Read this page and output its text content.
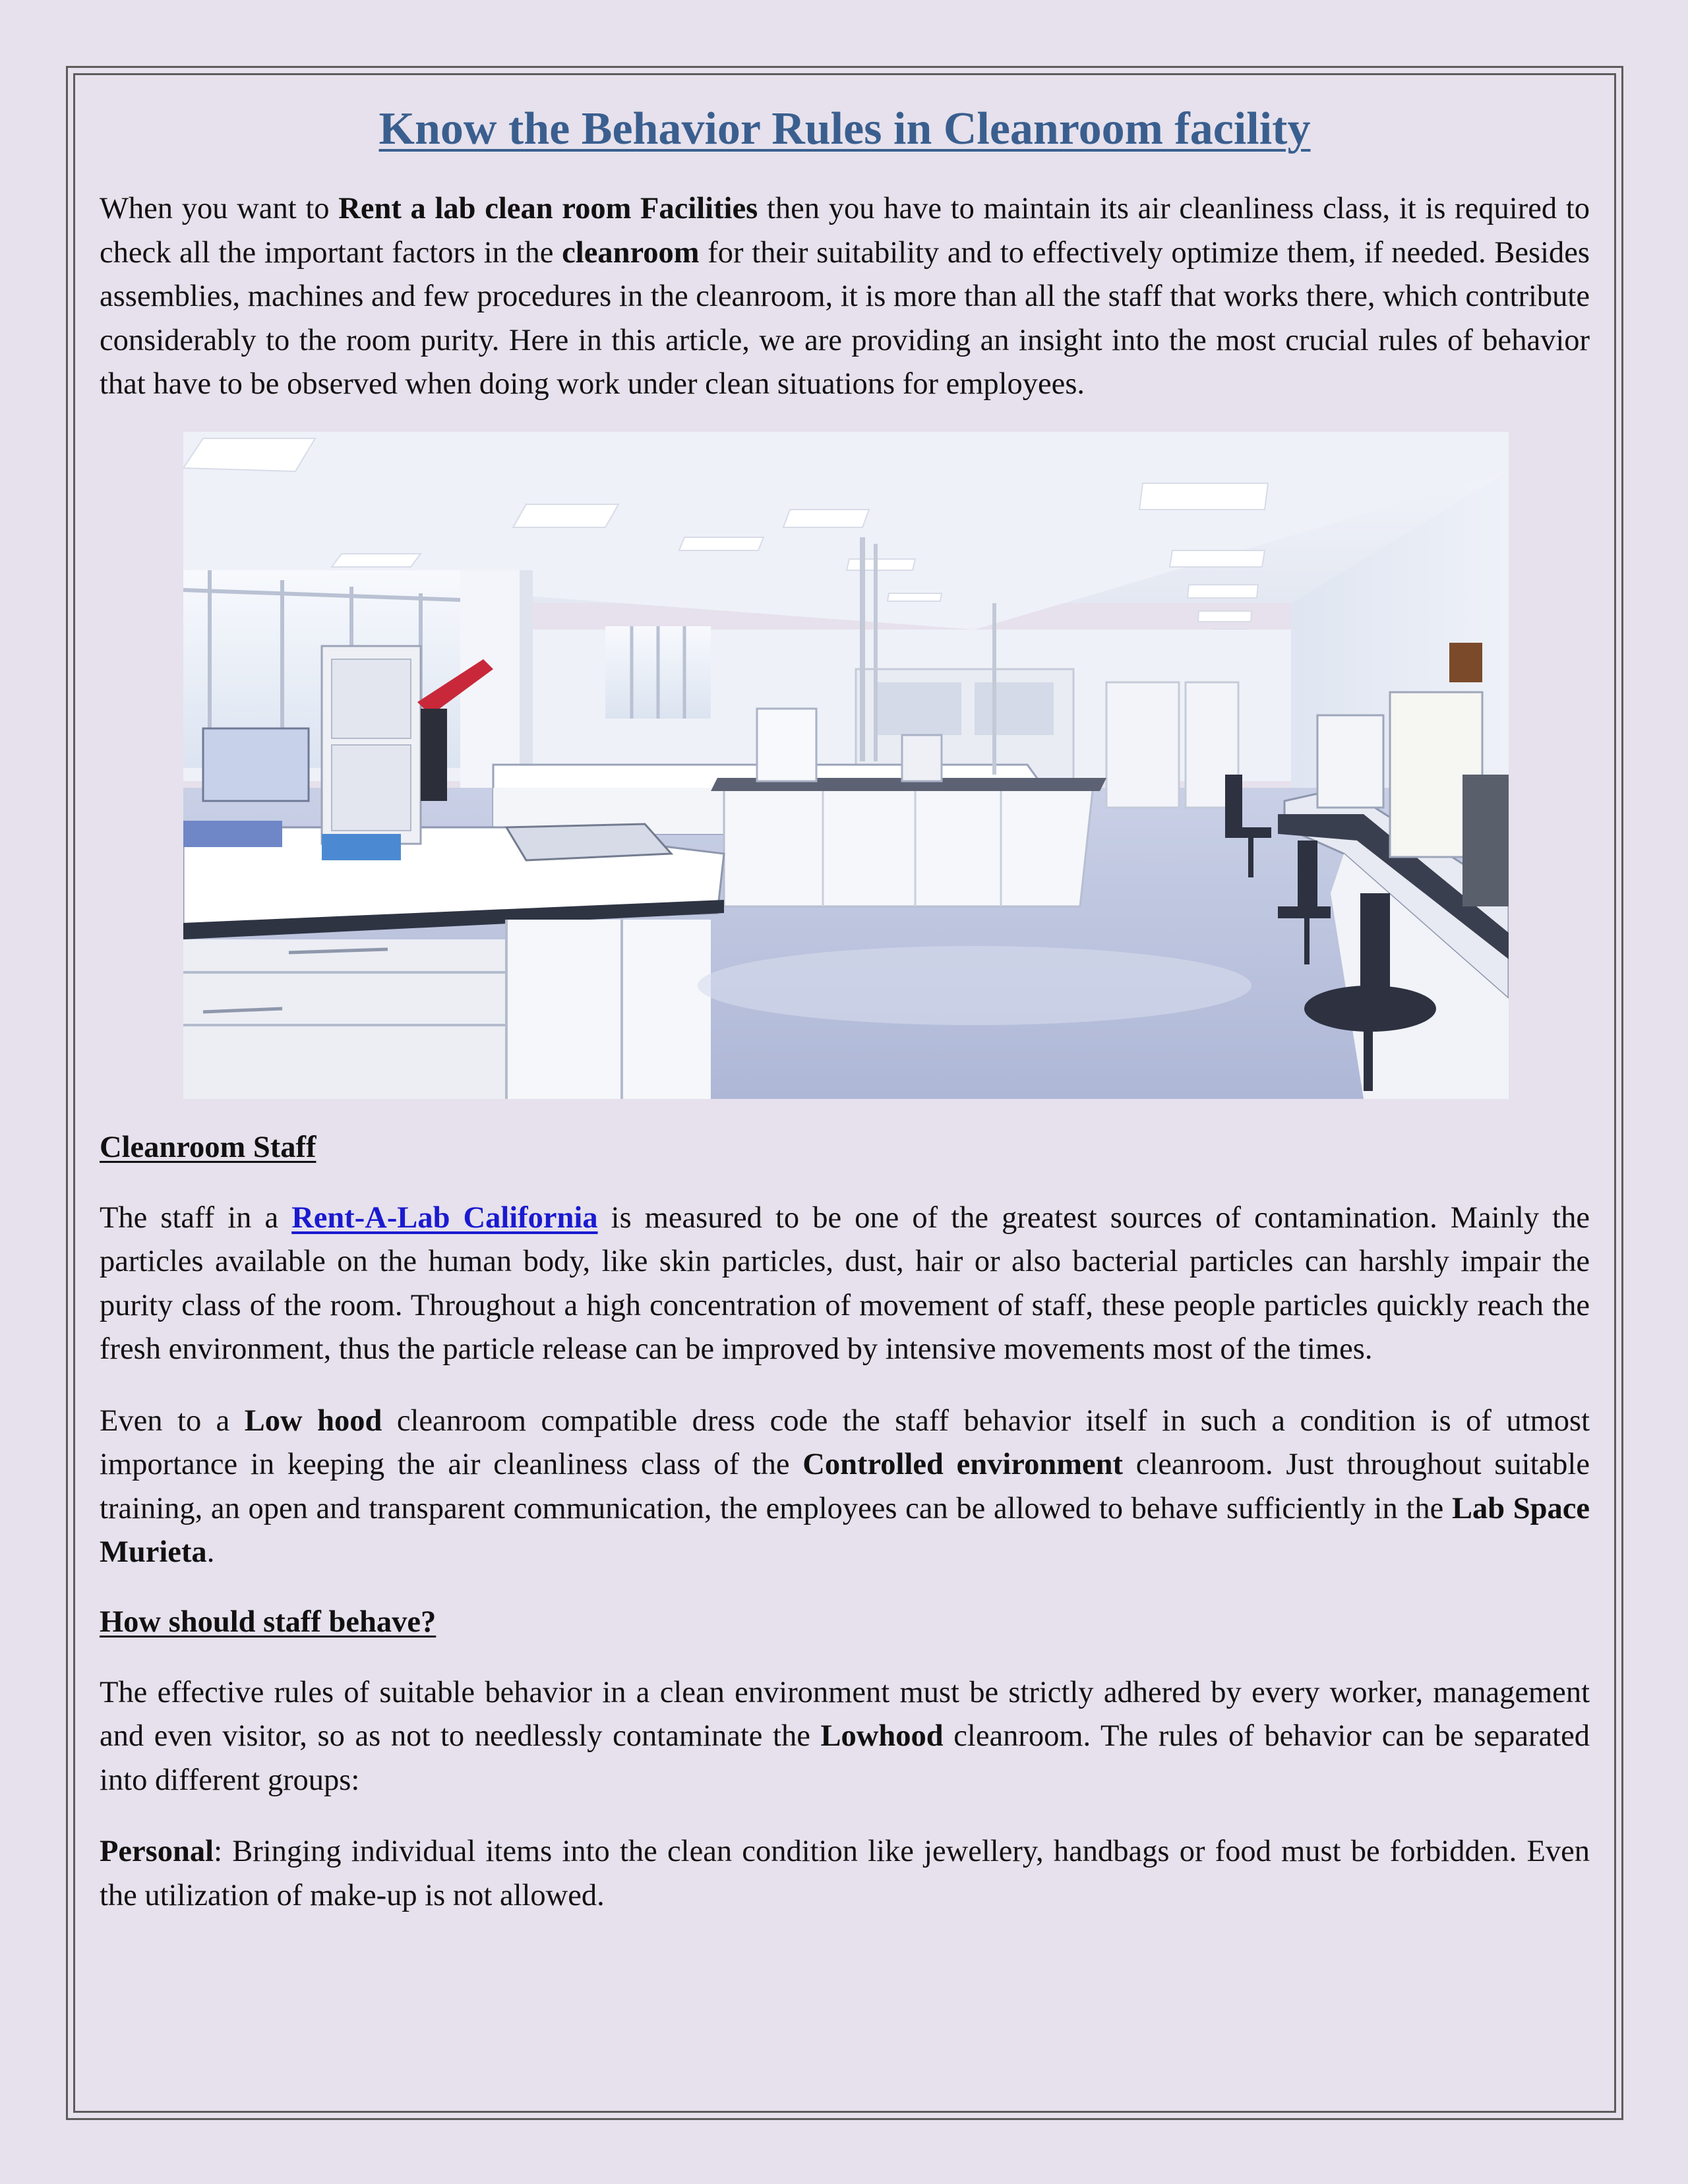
Know the Behavior Rules in Cleanroom facility

When you want to Rent a lab clean room Facilities then you have to maintain its air cleanliness class, it is required to check all the important factors in the cleanroom for their suitability and to effectively optimize them, if needed. Besides assemblies, machines and few procedures in the cleanroom, it is more than all the staff that works there, which contribute considerably to the room purity. Here in this article, we are providing an insight into the most crucial rules of behavior that have to be observed when doing work under clean situations for employees.

Cleanroom Staff

The staff in a Rent-A-Lab California is measured to be one of the greatest sources of contamination. Mainly the particles available on the human body, like skin particles, dust, hair or also bacterial particles can harshly impair the purity class of the room. Throughout a high concentration of movement of staff, these people particles quickly reach the fresh environment, thus the particle release can be improved by intensive movements most of the times.

Even to a Low hood cleanroom compatible dress code the staff behavior itself in such a condition is of utmost importance in keeping the air cleanliness class of the Controlled environment cleanroom. Just throughout suitable training, an open and transparent communication, the employees can be allowed to behave sufficiently in the Lab Space Murieta.

How should staff behave?

The effective rules of suitable behavior in a clean environment must be strictly adhered by every worker, management and even visitor, so as not to needlessly contaminate the Lowhood cleanroom. The rules of behavior can be separated into different groups:

Personal: Bringing individual items into the clean condition like jewellery, handbags or food must be forbidden. Even the utilization of make-up is not allowed.
